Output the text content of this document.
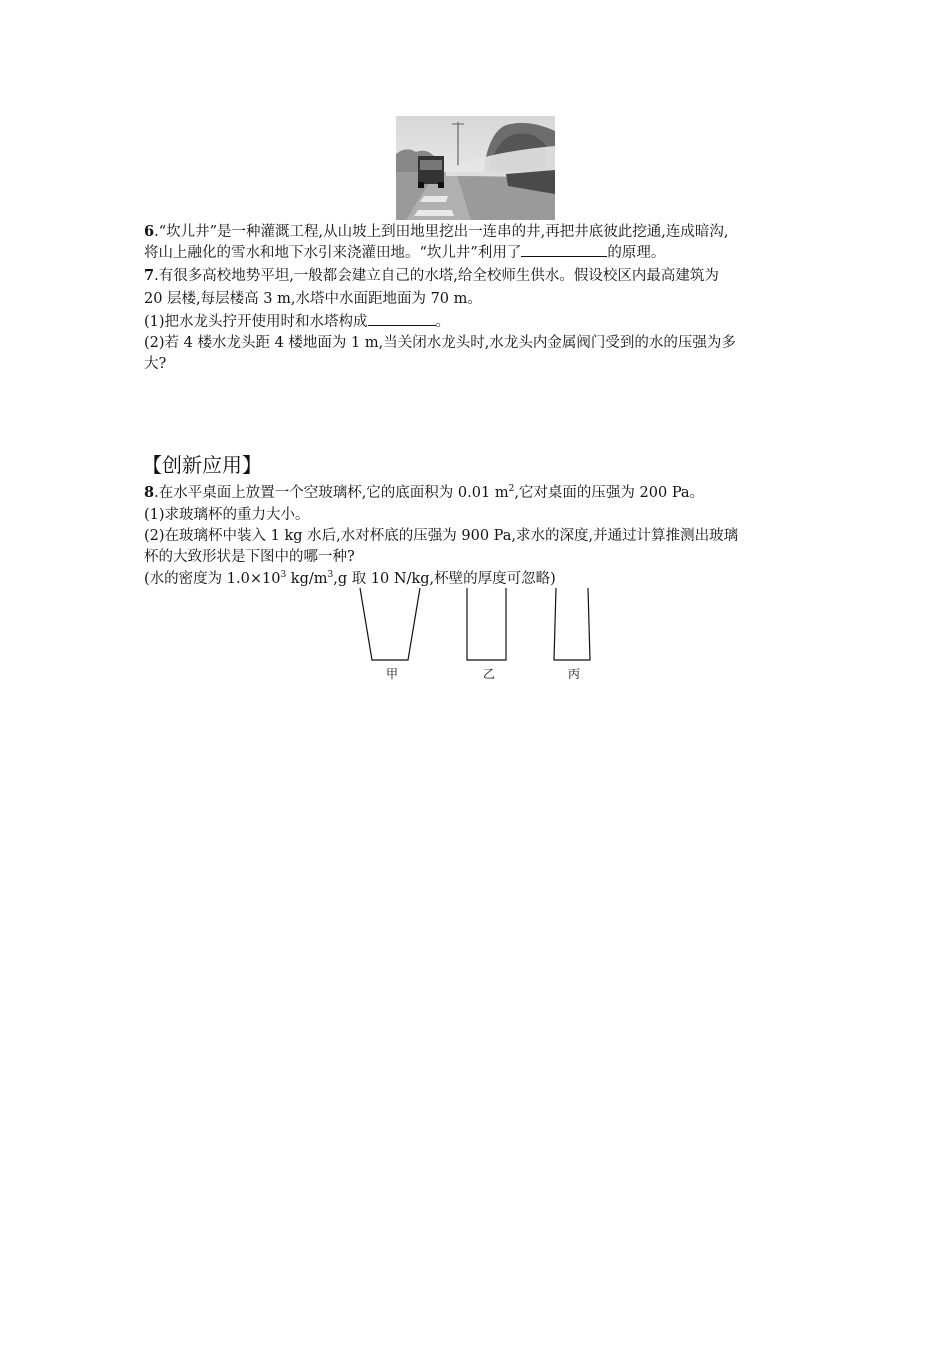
6.“坎儿井”是一种灌溉工程,从山坡上到田地里挖出一连串的井,再把井底彼此挖通,连成暗沟,
将山上融化的雪水和地下水引来浇灌田地。“坎儿井”利用了	的原理。
7.有很多高校地势平坦,一般都会建立自己的水塔,给全校师生供水。假设校区内最高建筑为
20 层楼,每层楼高 3 m,水塔中水面距地面为 70 m。
(1)把水龙头拧开使用时和水塔构成	。
(2)若 4 楼水龙头距 4 楼地面为 1 m,当关闭水龙头时,水龙头内金属阀门受到的水的压强为多
大?
【创新应用】
8.在水平桌面上放置一个空玻璃杯,它的底面积为 0.01 $m^2$,它对桌面的压强为 200 Pa。
(1)求玻璃杯的重力大小。
(2)在玻璃杯中装入 1 kg 水后,水对杯底的压强为 900 Pa,求水的深度,并通过计算推测出玻璃
杯的大致形状是下图中的哪一种?
(水的密度为 $1.0\times 10^3$ $kg/m^3,g$ 取 10 N/kg,杯壁的厚度可忽略)
甲	乙	丙
